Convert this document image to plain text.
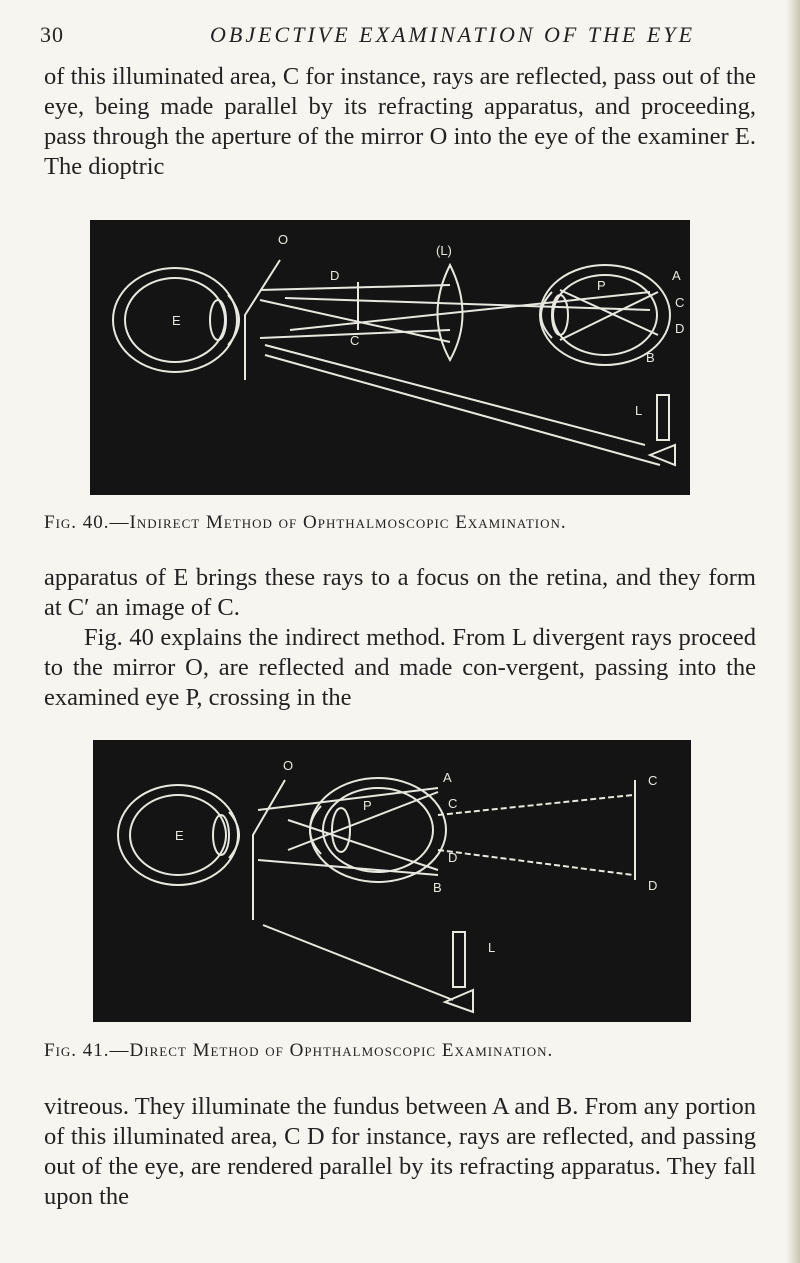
30	OBJECTIVE EXAMINATION OF THE EYE

of this illuminated area, C for instance, rays are reflected, pass out of the eye, being made parallel by its refracting apparatus, and proceeding, pass through the aperture of the mirror O into the eye of the examiner E. The dioptric

O
(L)
E
D
C
P
A
C
D
B
L
Fig. 40.—Indirect Method of Ophthalmoscopic Examination.

apparatus of E brings these rays to a focus on the retina, and they form at C′ an image of C.

Fig. 40 explains the indirect method. From L divergent rays proceed to the mirror O, are reflected and made con-vergent, passing into the examined eye P, crossing in the

O
E
P
A
C
D
B
L
C
D
Fig. 41.—Direct Method of Ophthalmoscopic Examination.

vitreous. They illuminate the fundus between A and B. From any portion of this illuminated area, C D for instance, rays are reflected, and passing out of the eye, are rendered parallel by its refracting apparatus. They fall upon the
